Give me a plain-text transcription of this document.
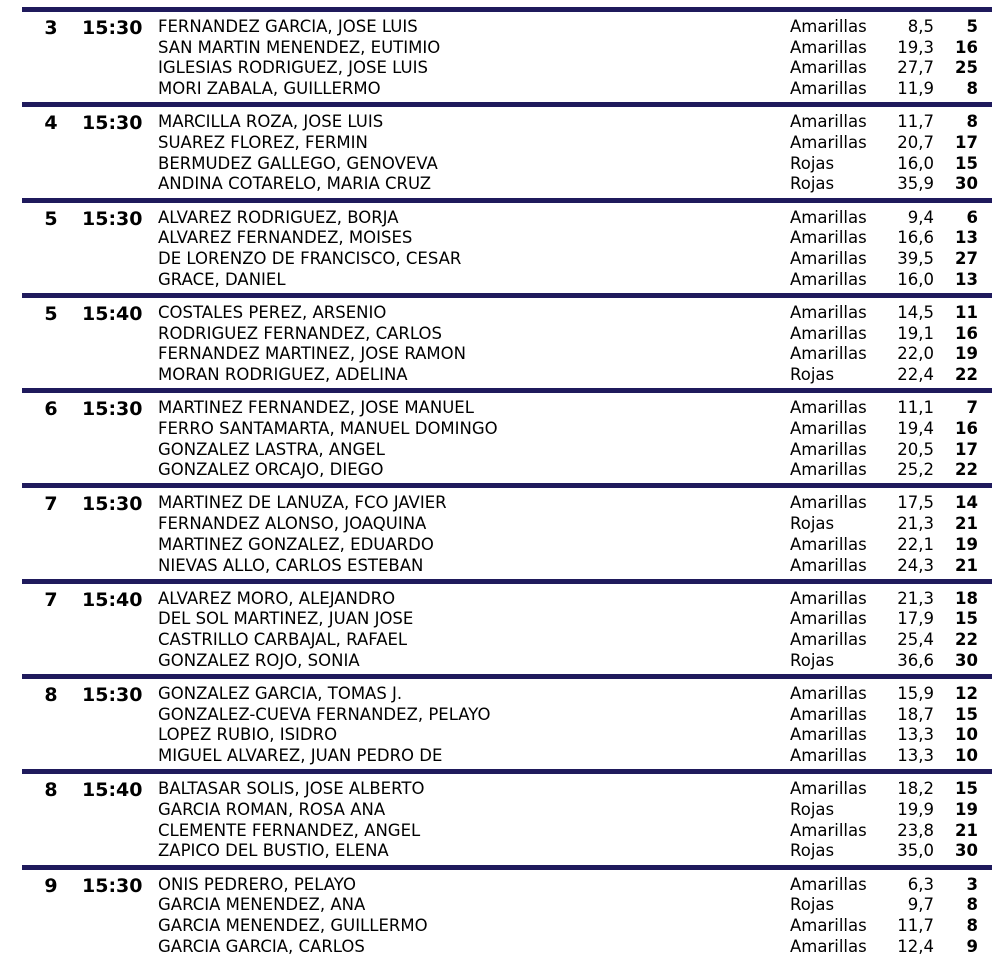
3	15:30 FERNANDEZ GARCIA, JOSE LUIS	Amarillas	8,5	5
SAN MARTIN MENENDEZ, EUTIMIO	Amarillas	19,3	16
IGLESIAS RODRIGUEZ, JOSE LUIS	Amarillas	27,7	25
MORI ZABALA, GUILLERMO	Amarillas	11,9	8
4	15:30 MARCILLA ROZA, JOSE LUIS	Amarillas	11,7	8
SUAREZ FLOREZ, FERMIN	Amarillas	20,7	17
BERMUDEZ GALLEGO, GENOVEVA	Rojas	16,0	15
ANDINA COTARELO, MARIA CRUZ	Rojas	35,9	30
5	15:30 ALVAREZ RODRIGUEZ, BORJA	Amarillas	9,4	6
ALVAREZ FERNANDEZ, MOISES	Amarillas	16,6	13
DE LORENZO DE FRANCISCO, CESAR	Amarillas	39,5	27
GRACE, DANIEL	Amarillas	16,0	13
5	15:40 COSTALES PEREZ, ARSENIO	Amarillas	14,5	11
RODRIGUEZ FERNANDEZ, CARLOS	Amarillas	19,1	16
FERNANDEZ MARTINEZ, JOSE RAMON	Amarillas	22,0	19
MORAN RODRIGUEZ, ADELINA	Rojas	22,4	22
6	15:30 MARTINEZ FERNANDEZ, JOSE MANUEL	Amarillas	11,1	7
FERRO SANTAMARTA, MANUEL DOMINGO	Amarillas	19,4	16
GONZALEZ LASTRA, ANGEL	Amarillas	20,5	17
GONZALEZ ORCAJO, DIEGO	Amarillas	25,2	22
7	15:30 MARTINEZ DE LANUZA, FCO JAVIER	Amarillas	17,5	14
FERNANDEZ ALONSO, JOAQUINA	Rojas	21,3	21
MARTINEZ GONZALEZ, EDUARDO	Amarillas	22,1	19
NIEVAS ALLO, CARLOS ESTEBAN	Amarillas	24,3	21
7	15:40 ALVAREZ MORO, ALEJANDRO	Amarillas	21,3	18
DEL SOL MARTINEZ, JUAN JOSE	Amarillas	17,9	15
CASTRILLO CARBAJAL, RAFAEL	Amarillas	25,4	22
GONZALEZ ROJO, SONIA	Rojas	36,6	30
8	15:30 GONZALEZ GARCIA, TOMAS J.	Amarillas	15,9	12
GONZALEZ-CUEVA FERNANDEZ, PELAYO	Amarillas	18,7	15
LOPEZ RUBIO, ISIDRO	Amarillas	13,3	10
MIGUEL ALVAREZ, JUAN PEDRO DE	Amarillas	13,3	10
8	15:40 BALTASAR SOLIS, JOSE ALBERTO	Amarillas	18,2	15
GARCIA ROMAN, ROSA ANA	Rojas	19,9	19
CLEMENTE FERNANDEZ, ANGEL	Amarillas	23,8	21
ZAPICO DEL BUSTIO, ELENA	Rojas	35,0	30
9	15:30 ONIS PEDRERO, PELAYO	Amarillas	6,3	3
GARCIA MENENDEZ, ANA	Rojas	9,7	8
GARCIA MENENDEZ, GUILLERMO	Amarillas	11,7	8
GARCIA GARCIA, CARLOS	Amarillas	12,4	9
